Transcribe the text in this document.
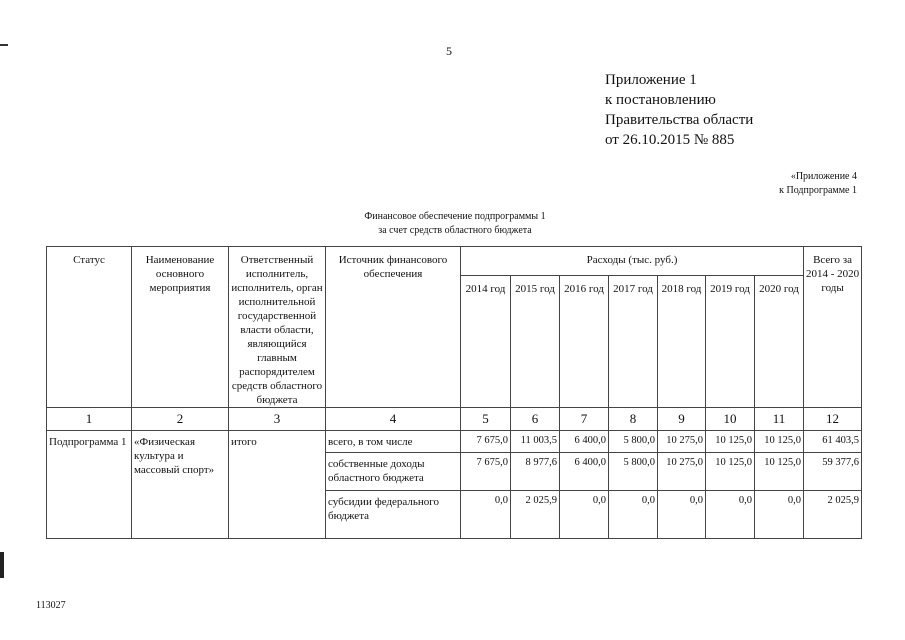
5
Приложение 1
к постановлению
Правительства области
от 26.10.2015 № 885
«Приложение 4
к Подпрограмме 1
Финансовое обеспечение подпрограммы 1
за счет средств областного бюджета
Статус	Наименование основного мероприятия	Ответственный исполнитель, исполнитель, орган исполнительной государственной власти области, являющийся главным распорядителем средств областного бюджета	Источник финансового обеспечения	Расходы (тыс. руб.)							Всего за 2014 - 2020 годы
				2014 год	2015 год	2016 год	2017 год	2018 год	2019 год	2020 год	
1	2	3	4	5	6	7	8	9	10	11	12
Подпрограмма 1	«Физическая культура и массовый спорт»	итого	всего, в том числе	7 675,0	11 003,5	6 400,0	5 800,0	10 275,0	10 125,0	10 125,0	61 403,5
			собственные доходы областного бюджета	7 675,0	8 977,6	6 400,0	5 800,0	10 275,0	10 125,0	10 125,0	59 377,6
			субсидии федерального бюджета	0,0	2 025,9	0,0	0,0	0,0	0,0	0,0	2 025,9
113027
